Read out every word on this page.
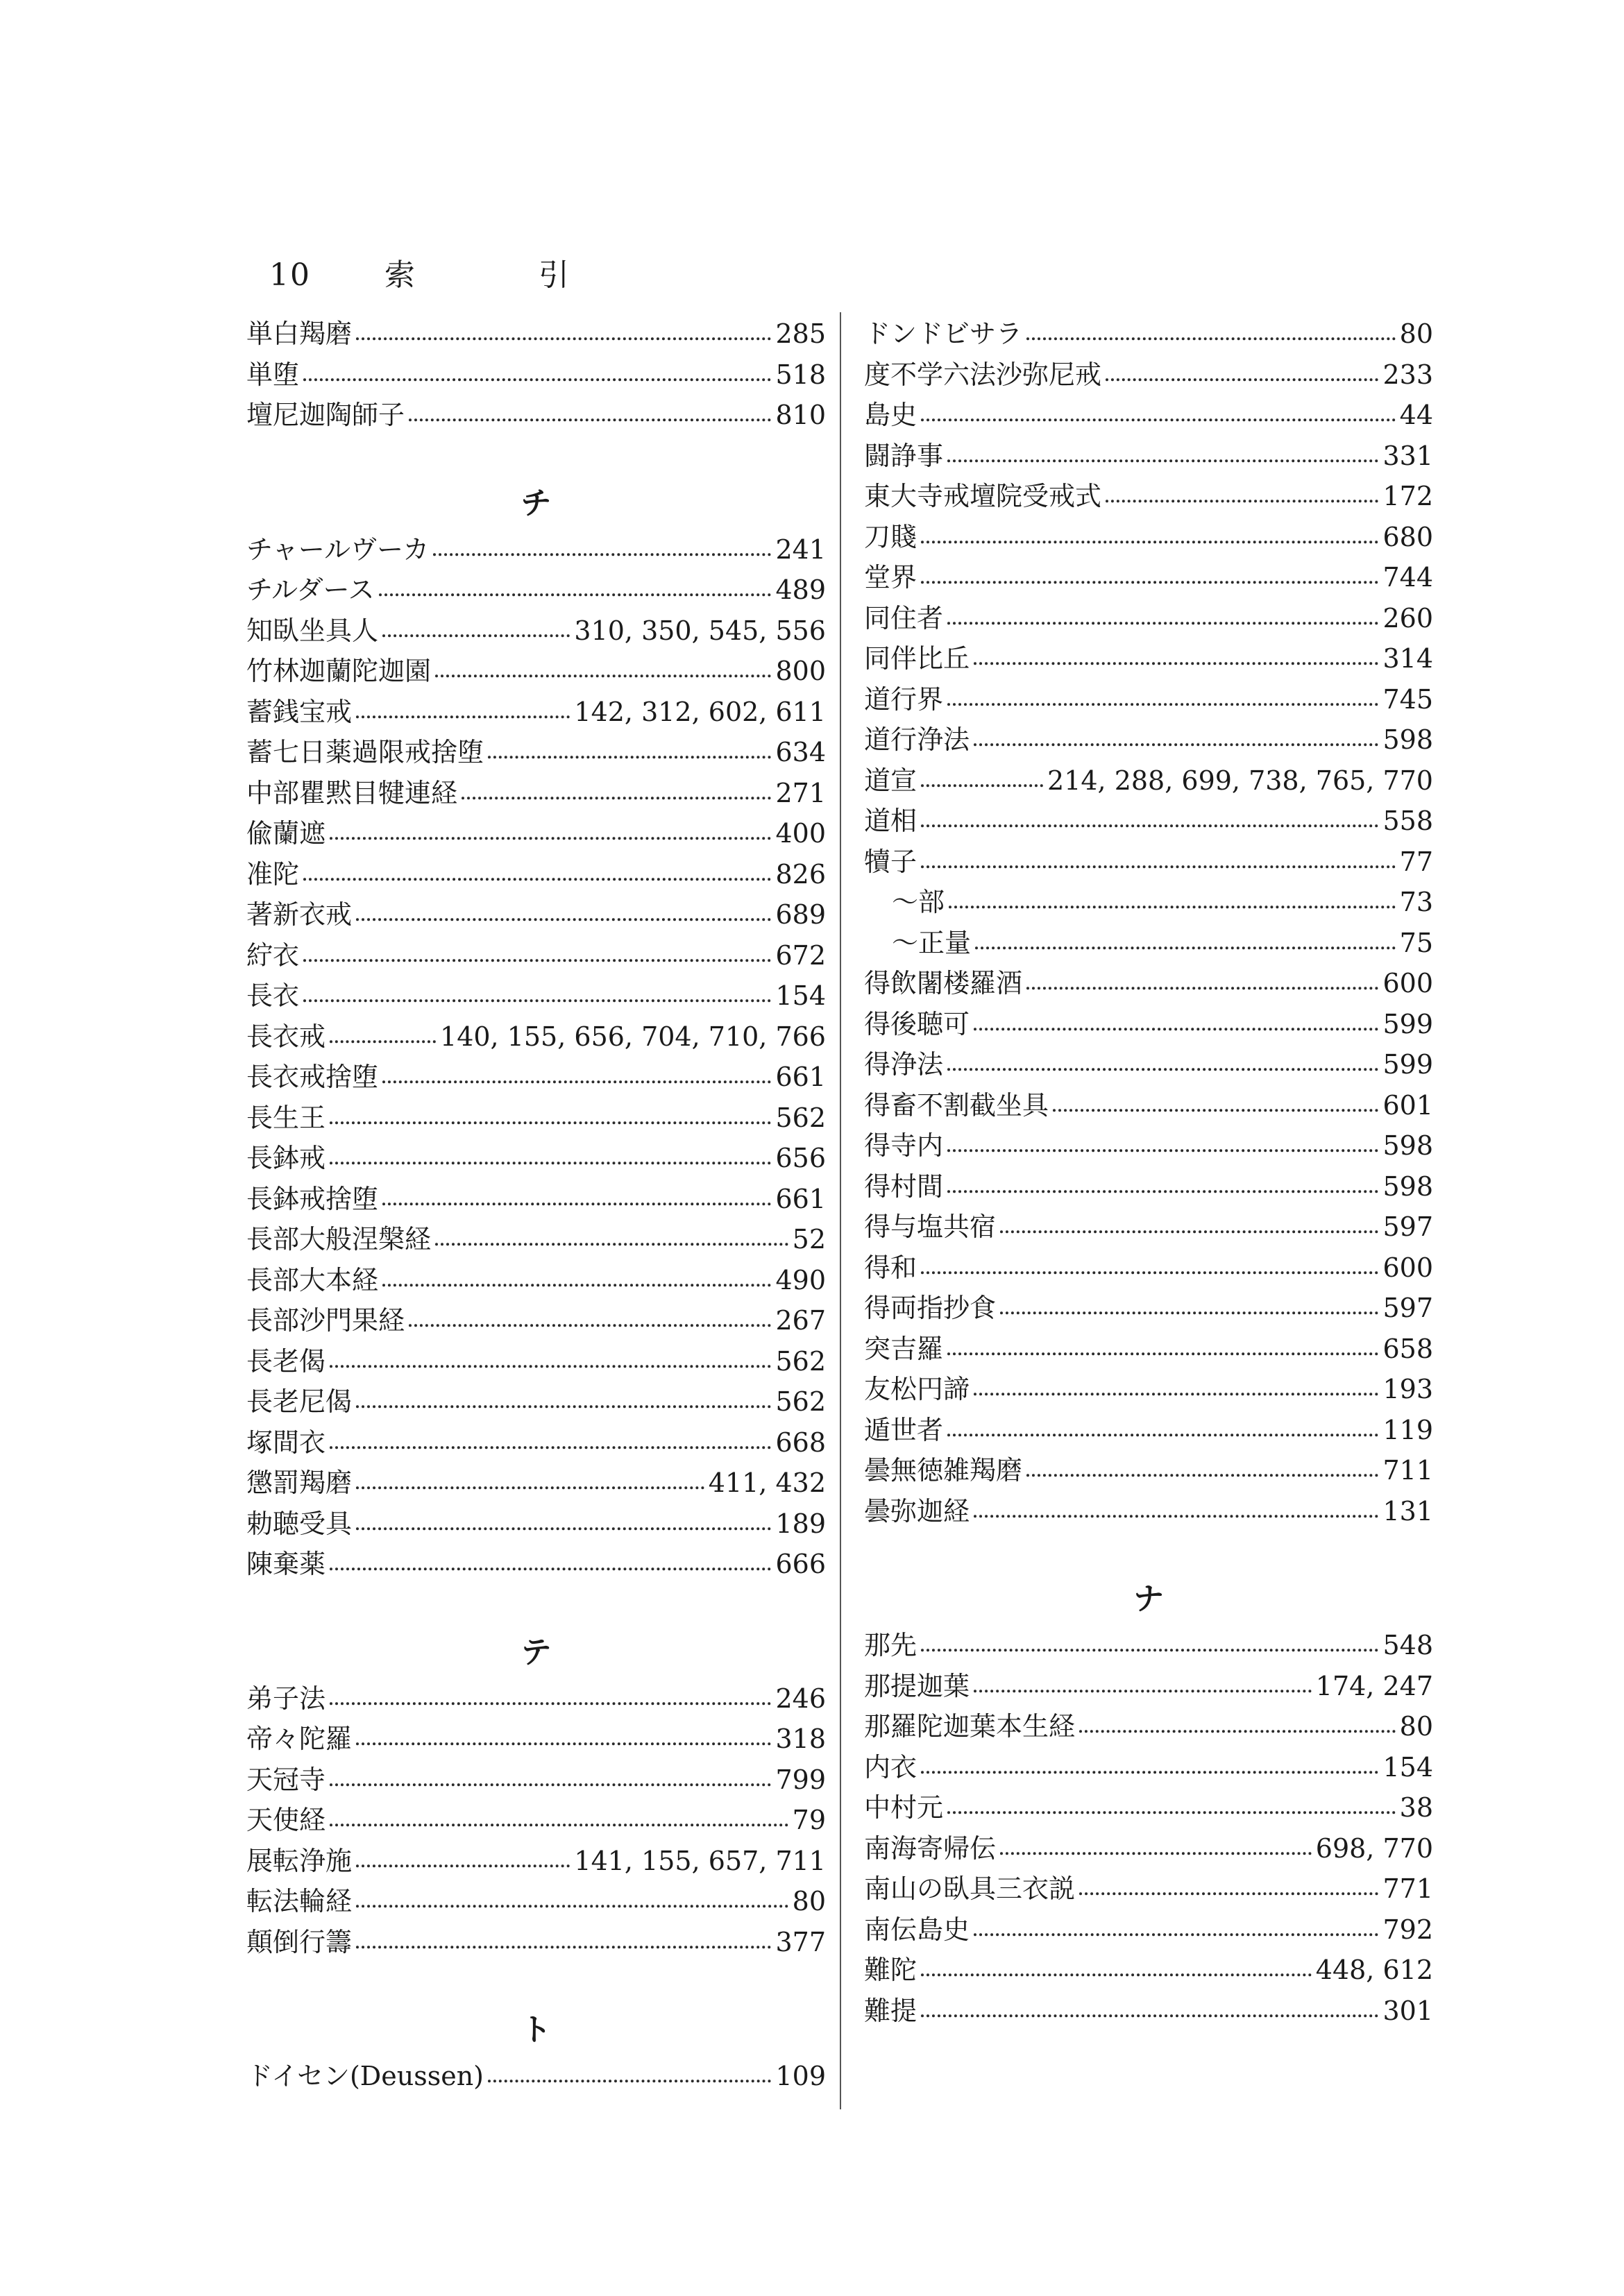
10 索	引
単白羯磨	285
単堕	518
壇尼迦陶師子	810
チ
チャールヴーカ	241
チルダース	489
知臥坐具人	310, 350, 545, 556
竹林迦蘭陀迦園	800
蓄銭宝戒	142, 312, 602, 611
蓄七日薬過限戒捨堕	634
中部瞿黙目犍連経	271
偸蘭遮	400
准陀	826
著新衣戒	689
紵衣	672
長衣	154
長衣戒	140, 155, 656, 704, 710, 766
長衣戒捨堕	661
長生王	562
長鉢戒	656
長鉢戒捨堕	661
長部大般涅槃経	52
長部大本経	490
長部沙門果経	267
長老偈	562
長老尼偈	562
塚間衣	668
懲罰羯磨	411, 432
勅聴受具	189
陳棄薬	666
テ
弟子法	246
帝々陀羅	318
天冠寺	799
天使経	79
展転浄施	141, 155, 657, 711
転法輪経	80
顛倒行籌	377
ト
ドイセン(Deussen)	109
ドンドビサラ	80
度不学六法沙弥尼戒	233
島史	44
闘諍事	331
東大寺戒壇院受戒式	172
刀賤	680
堂界	744
同住者	260
同伴比丘	314
道行界	745
道行浄法	598
道宣	214, 288, 699, 738, 765, 770
道相	558
犢子	77
～部	73
～正量	75
得飲闍楼羅酒	600
得後聴可	599
得浄法	599
得畜不割截坐具	601
得寺内	598
得村間	598
得与塩共宿	597
得和	600
得両指抄食	597
突吉羅	658
友松円諦	193
遁世者	119
曇無徳雑羯磨	711
曇弥迦経	131
ナ
那先	548
那提迦葉	174, 247
那羅陀迦葉本生経	80
内衣	154
中村元	38
南海寄帰伝	698, 770
南山の臥具三衣説	771
南伝島史	792
難陀	448, 612
難提	301
